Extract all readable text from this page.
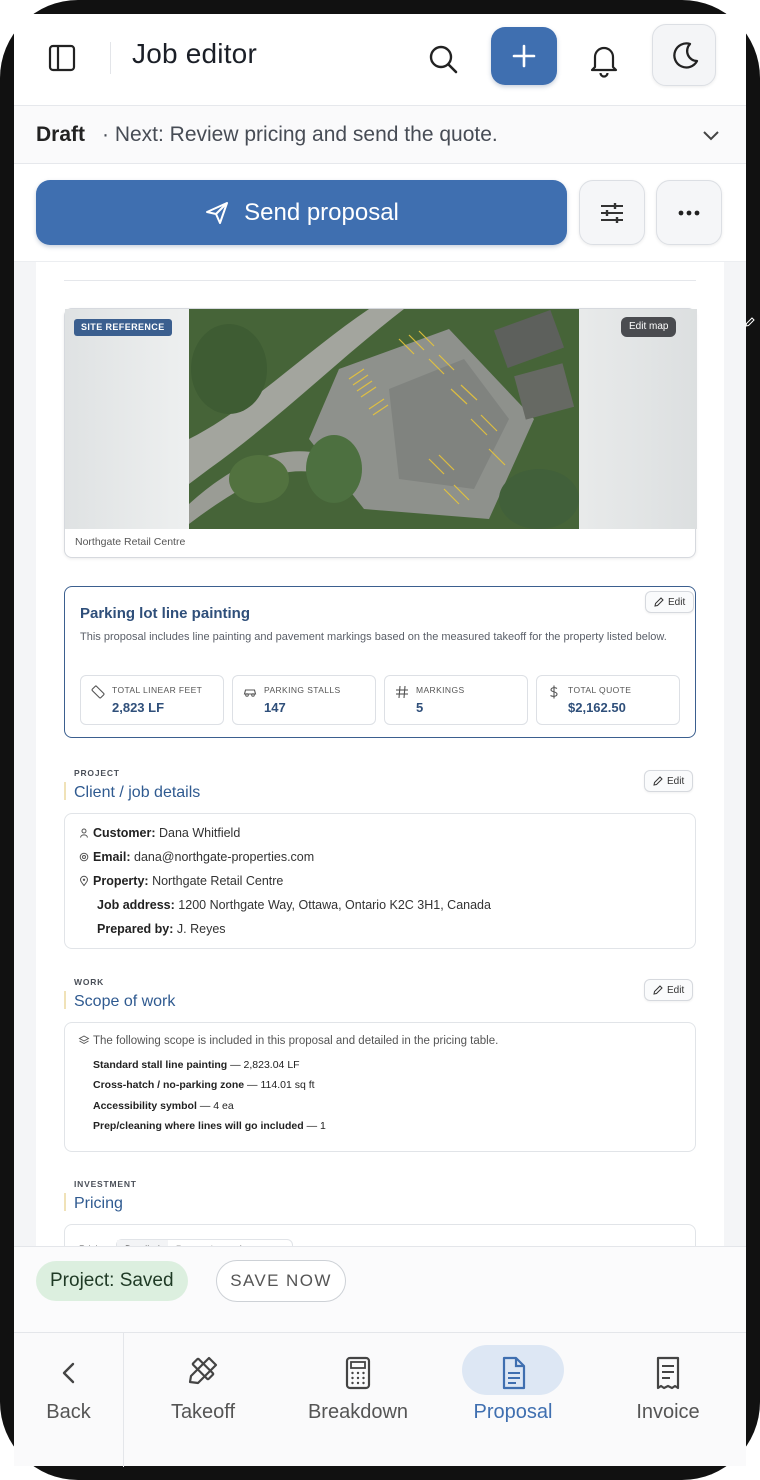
Job editor
Draft · Next: Review pricing and send the quote.
Send proposal
SITE REFERENCE	Edit map
Northgate Retail Centre
Parking lot line painting
Edit
This proposal includes line painting and pavement markings based on the measured takeoff for the property listed below.
TOTAL LINEAR FEET
2,823 LF
PARKING STALLS
147
MARKINGS
5
TOTAL QUOTE
$2,162.50
PROJECT
Client / job details
Edit
Customer: Dana Whitfield
Email: dana@northgate-properties.com
Property: Northgate Retail Centre
Job address: 1200 Northgate Way, Ottawa, Ontario K2C 3H1, Canada
Prepared by: J. Reyes
WORK
Scope of work
Edit
The following scope is included in this proposal and detailed in the pricing table.
Standard stall line painting — 2,823.04 LF
Cross-hatch / no-parking zone — 114.01 sq ft
Accessibility symbol — 4 ea
Prep/cleaning where lines will go included — 1
INVESTMENT
Pricing
Project: Saved	SAVE NOW
Back	Takeoff	Breakdown	Proposal	Invoice
